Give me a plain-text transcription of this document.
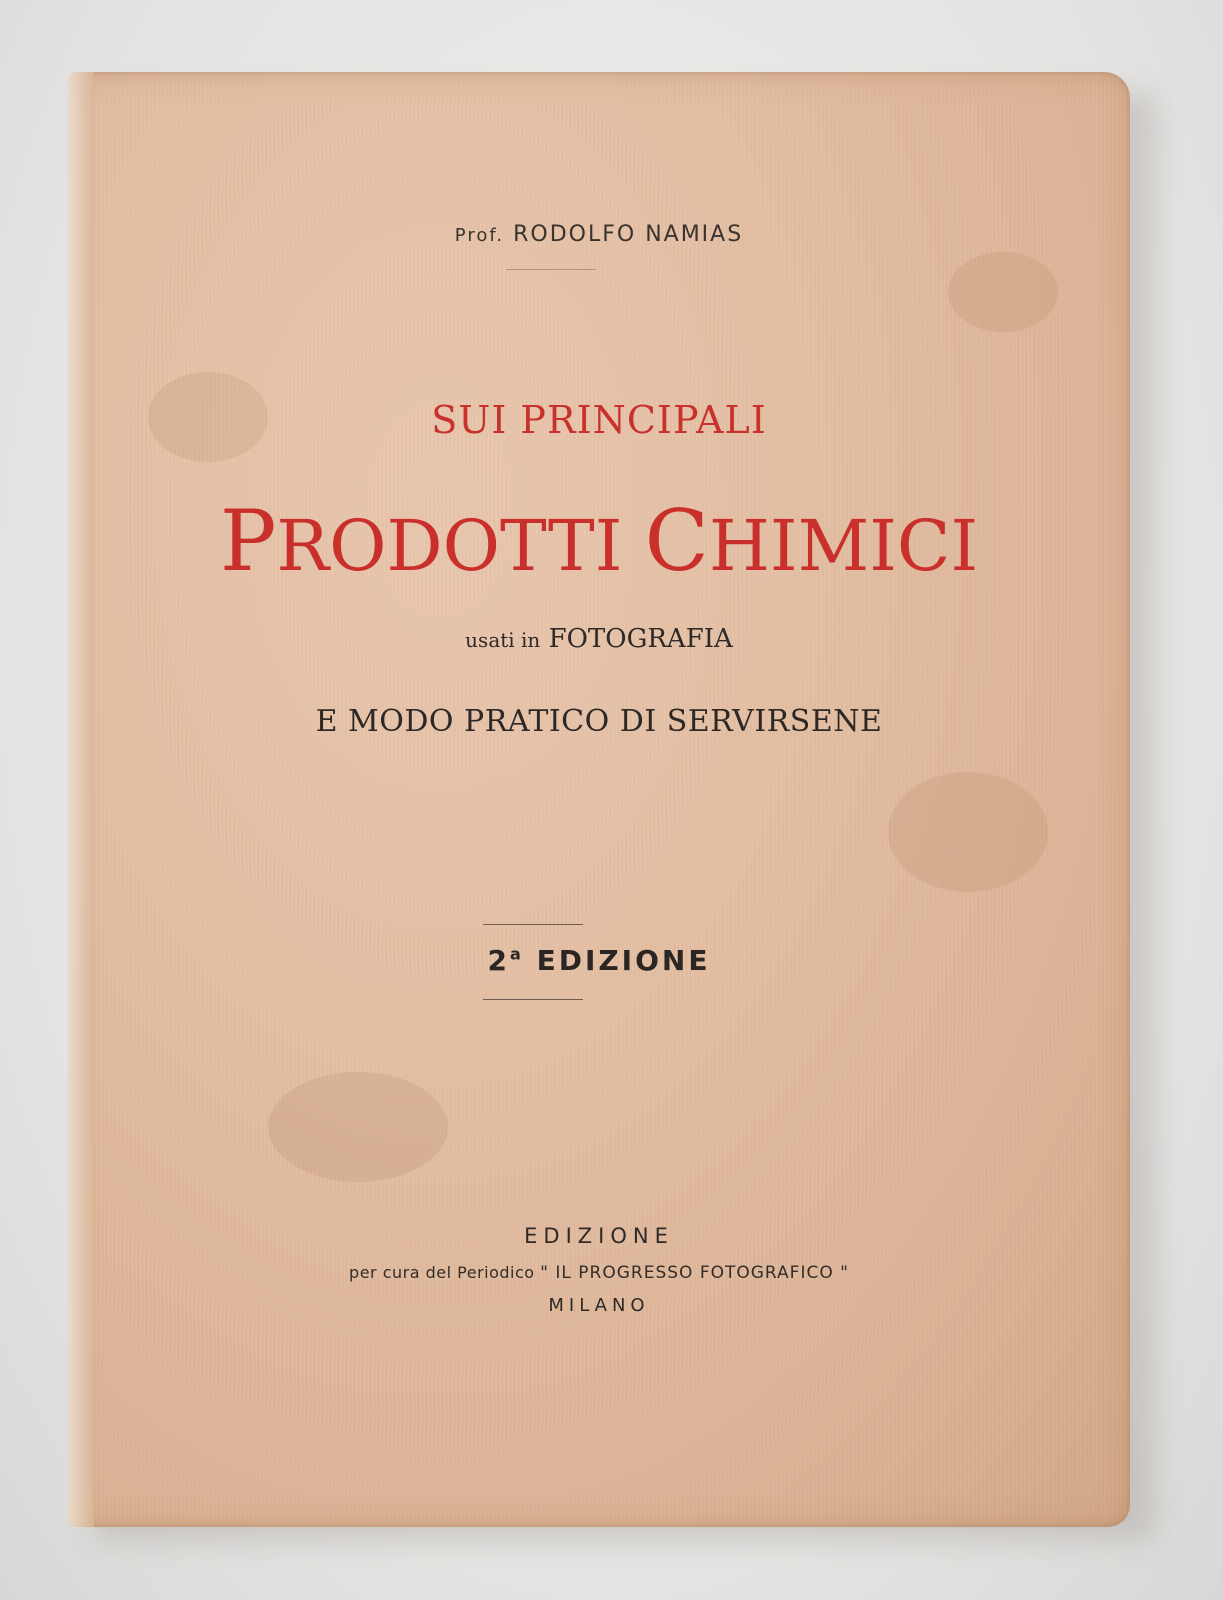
Prof. RODOLFO NAMIAS
SUI PRINCIPALI
PRODOTTI CHIMICI
usati in FOTOGRAFIA
E MODO PRATICO DI SERVIRSENE
2$^a$ EDIZIONE
EDIZIONE
per cura del Periodico " IL PROGRESSO FOTOGRAFICO "
MILANO
